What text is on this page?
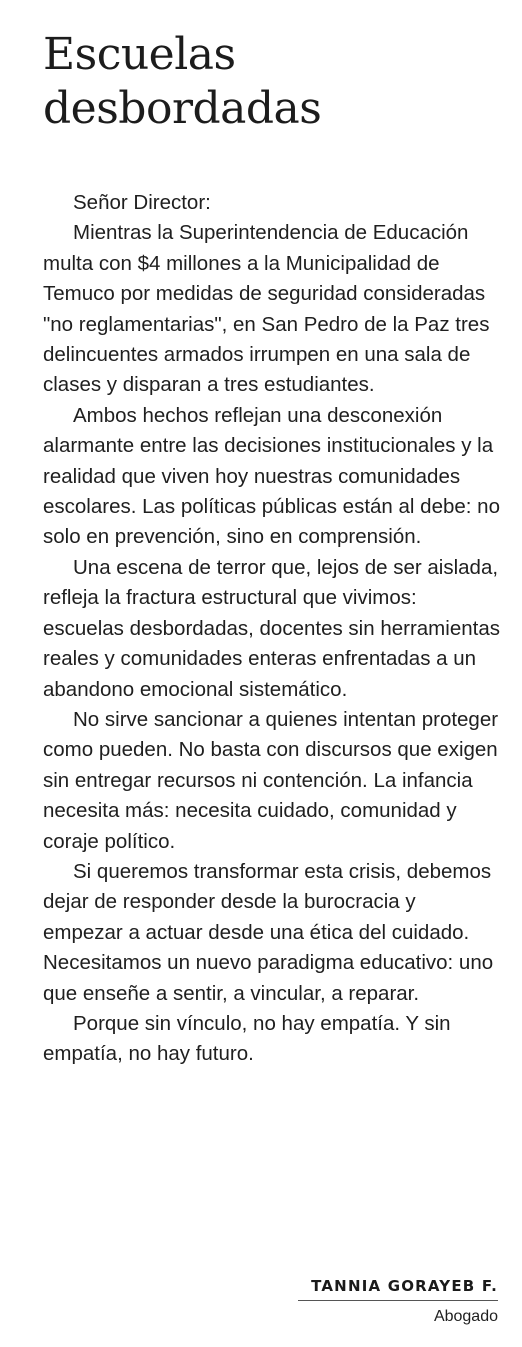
Escuelas desbordadas

Señor Director:

Mientras la Superintendencia de Educación multa con $4 millones a la Municipalidad de Temuco por medidas de seguridad consideradas "no reglamentarias", en San Pedro de la Paz tres delincuentes armados irrumpen en una sala de clases y disparan a tres estudiantes.

Ambos hechos reflejan una desconexión alarmante entre las decisiones institucionales y la realidad que viven hoy nuestras comunidades escolares. Las políticas públicas están al debe: no solo en prevención, sino en comprensión.

Una escena de terror que, lejos de ser aislada, refleja la fractura estructural que vivimos: escuelas desbordadas, docentes sin herramientas reales y comunidades enteras enfrentadas a un abandono emocional sistemático.

No sirve sancionar a quienes intentan proteger como pueden. No basta con discursos que exigen sin entregar recursos ni contención. La infancia necesita más: necesita cuidado, comunidad y coraje político.

Si queremos transformar esta crisis, debemos dejar de responder desde la burocracia y empezar a actuar desde una ética del cuidado. Necesitamos un nuevo paradigma educativo: uno que enseñe a sentir, a vincular, a reparar.

Porque sin vínculo, no hay empatía. Y sin empatía, no hay futuro.

TANNIA GORAYEB F.
Abogado
